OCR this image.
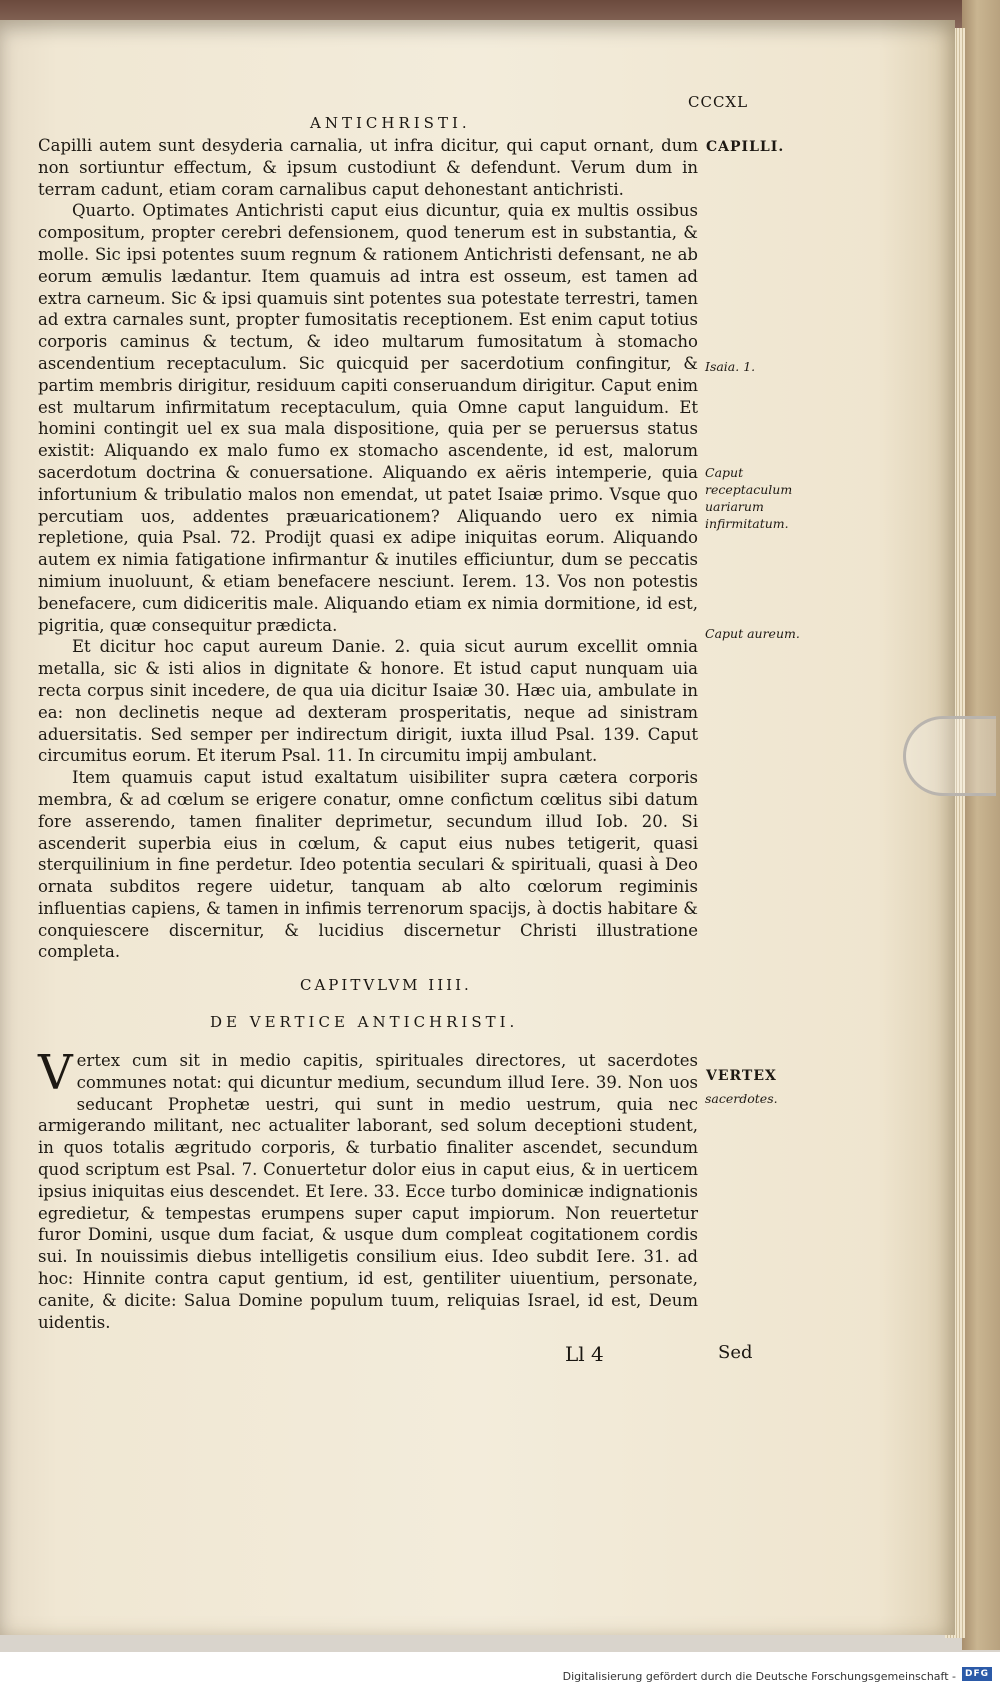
ANTICHRISTI.
CCCXL

Capilli autem sunt desyderia carnalia, ut infra dicitur, qui caput ornant, dum non sortiuntur effectum, & ipsum custodiunt & defendunt. Verum dum in terram cadunt, etiam coram carnalibus caput dehonestant antichristi.

Quarto. Optimates Antichristi caput eius dicuntur, quia ex multis ossibus compositum, propter cerebri defensionem, quod tenerum est in substantia, & molle. Sic ipsi potentes suum regnum & rationem Antichristi defensant, ne ab eorum æmulis lædantur. Item quamuis ad intra est osseum, est tamen ad extra carneum. Sic & ipsi quamuis sint potentes sua potestate terrestri, tamen ad extra carnales sunt, propter fumositatis receptionem. Est enim caput totius corporis caminus & tectum, & ideo multarum fumositatum à stomacho ascendentium receptaculum. Sic quicquid per sacerdotium confingitur, & partim membris dirigitur, residuum capiti conseruandum dirigitur. Caput enim est multarum infirmitatum receptaculum, quia Omne caput languidum. Et homini contingit uel ex sua mala dispositione, quia per se peruersus status existit: Aliquando ex malo fumo ex stomacho ascendente, id est, malorum sacerdotum doctrina & conuersatione. Aliquando ex aëris intemperie, quia infortunium & tribulatio malos non emendat, ut patet Isaiæ primo. Vsque quo percutiam uos, addentes præuaricationem? Aliquando uero ex nimia repletione, quia Psal. 72. Prodijt quasi ex adipe iniquitas eorum. Aliquando autem ex nimia fatigatione infirmantur & inutiles efficiuntur, dum se peccatis nimium inuoluunt, & etiam benefacere nesciunt. Ierem. 13. Vos non potestis benefacere, cum didiceritis male. Aliquando etiam ex nimia dormitione, id est, pigritia, quæ consequitur prædicta.

Et dicitur hoc caput aureum Danie. 2. quia sicut aurum excellit omnia metalla, sic & isti alios in dignitate & honore. Et istud caput nunquam uia recta corpus sinit incedere, de qua uia dicitur Isaiæ 30. Hæc uia, ambulate in ea: non declinetis neque ad dexteram prosperitatis, neque ad sinistram aduersitatis. Sed semper per indirectum dirigit, iuxta illud Psal. 139. Caput circumitus eorum. Et iterum Psal. 11. In circumitu impij ambulant.

Item quamuis caput istud exaltatum uisibiliter supra cætera corporis membra, & ad cœlum se erigere conatur, omne confictum cœlitus sibi datum fore asserendo, tamen finaliter deprimetur, secundum illud Iob. 20. Si ascenderit superbia eius in cœlum, & caput eius nubes tetigerit, quasi sterquilinium in fine perdetur. Ideo potentia seculari & spirituali, quasi à Deo ornata subditos regere uidetur, tanquam ab alto cœlorum regiminis influentias capiens, & tamen in infimis terrenorum spacijs, à doctis habitare & conquiescere discernitur, & lucidius discernetur Christi illustratione completa.

CAPITVLVM IIII.
DE VERTICE ANTICHRISTI.
V ertex cum sit in medio capitis, spirituales directores, ut sacerdotes communes notat: qui dicuntur medium, secundum illud Iere. 39. Non uos seducant Prophetæ uestri, qui sunt in medio uestrum, quia nec armigerando militant, nec actualiter laborant, sed solum deceptioni student, in quos totalis ægritudo corporis, & turbatio finaliter ascendet, secundum quod scriptum est Psal. 7. Conuertetur dolor eius in caput eius, & in uerticem ipsius iniquitas eius descendet. Et Iere. 33. Ecce turbo dominicæ indignationis egredietur, & tempestas erumpens super caput impiorum. Non reuertetur furor Domini, usque dum faciat, & usque dum compleat cogitationem cordis sui. In nouissimis diebus intelligetis consilium eius. Ideo subdit Iere. 31. ad hoc: Hinnite contra caput gentium, id est, gentiliter uiuentium, personate, canite, & dicite: Salua Domine populum tuum, reliquias Israel, id est, Deum uidentis.
CAPILLI.
Isaia. 1.
Caput receptaculum uariarum infirmitatum.
Caput aureum.
VERTEX
sacerdotes.
Ll 4	Sed
Digitalisierung gefördert durch die Deutsche Forschungsgemeinschaft - DFG
